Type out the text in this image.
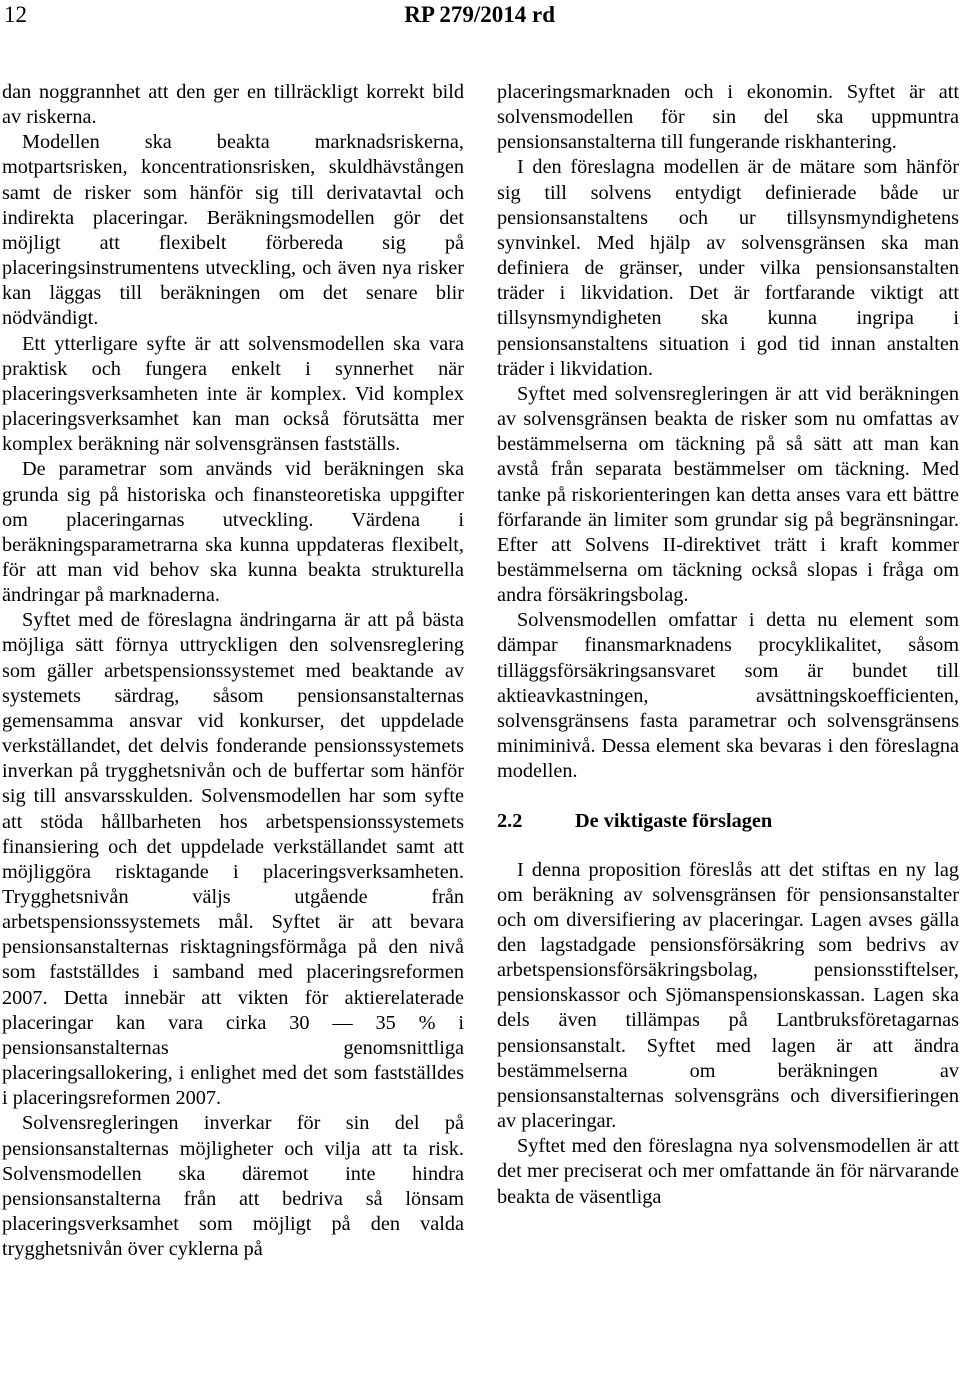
12	RP 279/2014 rd

dan noggrannhet att den ger en tillräckligt korrekt bild av riskerna.

Modellen ska beakta marknadsriskerna, motpartsrisken, koncentrationsrisken, skuldhävstången samt de risker som hänför sig till derivatavtal och indirekta placeringar. Beräkningsmodellen gör det möjligt att flexibelt förbereda sig på placeringsinstrumentens utveckling, och även nya risker kan läggas till beräkningen om det senare blir nödvändigt.

Ett ytterligare syfte är att solvensmodellen ska vara praktisk och fungera enkelt i synnerhet när placeringsverksamheten inte är komplex. Vid komplex placeringsverksamhet kan man också förutsätta mer komplex beräkning när solvensgränsen fastställs.

De parametrar som används vid beräkningen ska grunda sig på historiska och finansteoretiska uppgifter om placeringarnas utveckling. Värdena i beräkningsparametrarna ska kunna uppdateras flexibelt, för att man vid behov ska kunna beakta strukturella ändringar på marknaderna.

Syftet med de föreslagna ändringarna är att på bästa möjliga sätt förnya uttryckligen den solvensreglering som gäller arbetspensionssystemet med beaktande av systemets särdrag, såsom pensionsanstalternas gemensamma ansvar vid konkurser, det uppdelade verkställandet, det delvis fonderande pensionssystemets inverkan på trygghetsnivån och de buffertar som hänför sig till ansvarsskulden. Solvensmodellen har som syfte att stöda hållbarheten hos arbetspensionssystemets finansiering och det uppdelade verkställandet samt att möjliggöra risktagande i placeringsverksamheten. Trygghetsnivån väljs utgående från arbetspensionssystemets mål. Syftet är att bevara pensionsanstalternas risktagningsförmåga på den nivå som fastställdes i samband med placeringsreformen 2007. Detta innebär att vikten för aktierelaterade placeringar kan vara cirka 30 — 35 % i pensionsanstalternas genomsnittliga placeringsallokering, i enlighet med det som fastställdes i placeringsreformen 2007.

Solvensregleringen inverkar för sin del på pensionsanstalternas möjligheter och vilja att ta risk. Solvensmodellen ska däremot inte hindra pensionsanstalterna från att bedriva så lönsam placeringsverksamhet som möjligt på den valda trygghetsnivån över cyklerna på

placeringsmarknaden och i ekonomin. Syftet är att solvensmodellen för sin del ska uppmuntra pensionsanstalterna till fungerande riskhantering.

I den föreslagna modellen är de mätare som hänför sig till solvens entydigt definierade både ur pensionsanstaltens och ur tillsynsmyndighetens synvinkel. Med hjälp av solvensgränsen ska man definiera de gränser, under vilka pensionsanstalten träder i likvidation. Det är fortfarande viktigt att tillsynsmyndigheten ska kunna ingripa i pensionsanstaltens situation i god tid innan anstalten träder i likvidation.

Syftet med solvensregleringen är att vid beräkningen av solvensgränsen beakta de risker som nu omfattas av bestämmelserna om täckning på så sätt att man kan avstå från separata bestämmelser om täckning. Med tanke på riskorienteringen kan detta anses vara ett bättre förfarande än limiter som grundar sig på begränsningar. Efter att Solvens II-direktivet trätt i kraft kommer bestämmelserna om täckning också slopas i fråga om andra försäkringsbolag.

Solvensmodellen omfattar i detta nu element som dämpar finansmarknadens procyklikalitet, såsom tilläggsförsäkringsansvaret som är bundet till aktieavkastningen, avsättningskoefficienten, solvensgränsens fasta parametrar och solvensgränsens miniminivå. Dessa element ska bevaras i den föreslagna modellen.

2.2	De viktigaste förslagen

I denna proposition föreslås att det stiftas en ny lag om beräkning av solvensgränsen för pensionsanstalter och om diversifiering av placeringar. Lagen avses gälla den lagstadgade pensionsförsäkring som bedrivs av arbetspensionsförsäkringsbolag, pensionsstiftelser, pensionskassor och Sjömanspensionskassan. Lagen ska dels även tillämpas på Lantbruksföretagarnas pensionsanstalt. Syftet med lagen är att ändra bestämmelserna om beräkningen av pensionsanstalternas solvensgräns och diversifieringen av placeringar.

Syftet med den föreslagna nya solvensmodellen är att det mer preciserat och mer omfattande än för närvarande beakta de väsentliga
